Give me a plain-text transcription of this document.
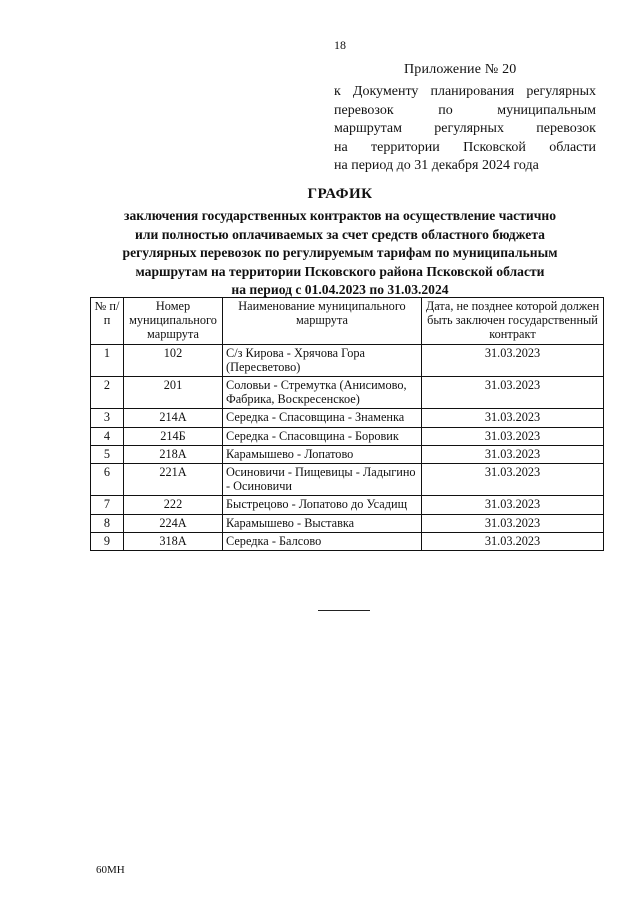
18
Приложение № 20
к Документу планирования регулярных
перевозок по муниципальным
маршрутам регулярных перевозок
на территории Псковской области
на период до 31 декабря 2024 года
ГРАФИК
заключения государственных контрактов на осуществление частично
или полностью оплачиваемых за счет средств областного бюджета
регулярных перевозок по регулируемым тарифам по муниципальным
маршрутам на территории Псковского района Псковской области
на период с 01.04.2023 по 31.03.2024
№ п/п	Номер муниципального маршрута	Наименование муниципального маршрута	Дата, не позднее которой должен быть заключен государственный контракт
1	102	С/з Кирова - Хрячова Гора (Пересветово)	31.03.2023
2	201	Соловьи - Стремутка (Анисимово, Фабрика, Воскресенское)	31.03.2023
3	214А	Середка - Спасовщина - Знаменка	31.03.2023
4	214Б	Середка - Спасовщина - Боровик	31.03.2023
5	218А	Карамышево - Лопатово	31.03.2023
6	221А	Осиновичи - Пищевицы - Ладыгино - Осиновичи	31.03.2023
7	222	Быстрецово - Лопатово до Усадищ	31.03.2023
8	224А	Карамышево - Выставка	31.03.2023
9	318А	Середка - Балсово	31.03.2023
60МН
